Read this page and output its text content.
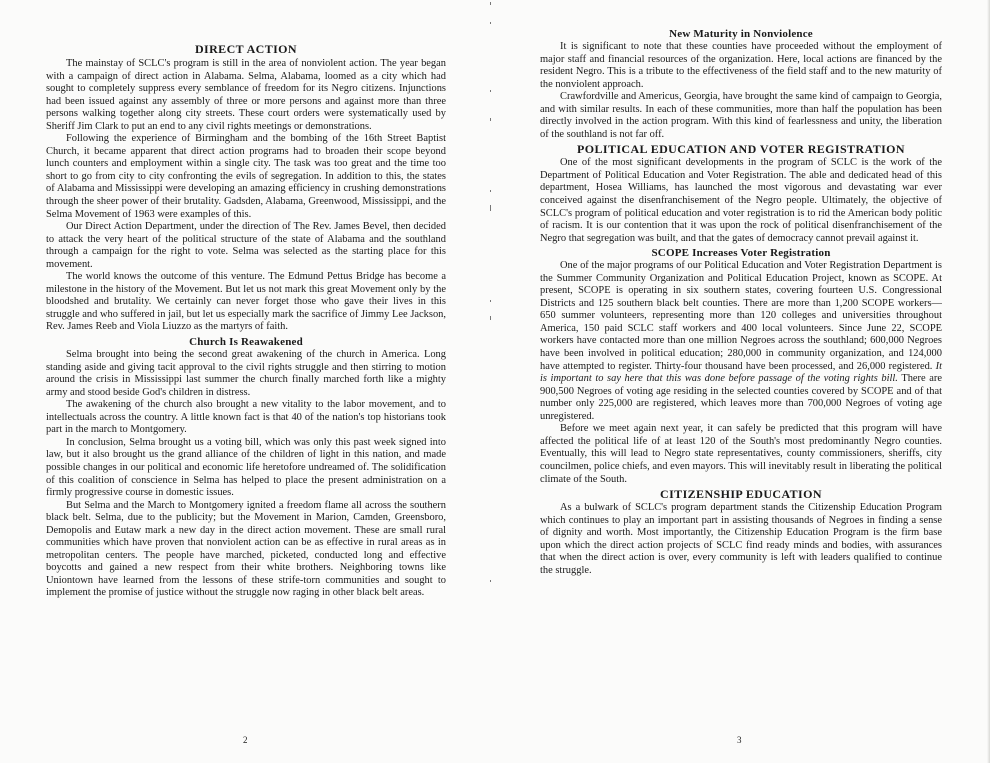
DIRECT ACTION

The mainstay of SCLC's program is still in the area of nonviolent action. The year began with a campaign of direct action in Alabama. Selma, Alabama, loomed as a city which had sought to completely suppress every semblance of freedom for its Negro citizens. Injunctions had been issued against any assembly of three or more persons and against more than three persons walking together along city streets. These court orders were systematically used by Sheriff Jim Clark to put an end to any civil rights meetings or demonstrations.

Following the experience of Birmingham and the bombing of the 16th Street Baptist Church, it became apparent that direct action programs had to broaden their scope beyond lunch counters and employment within a single city. The task was too great and the time too short to go from city to city confronting the evils of segregation. In addition to this, the states of Alabama and Mississippi were developing an amazing efficiency in crushing demonstrations through the sheer power of their brutality. Gadsden, Alabama, Greenwood, Mississippi, and the Selma Movement of 1963 were examples of this.

Our Direct Action Department, under the direction of The Rev. James Bevel, then decided to attack the very heart of the political structure of the state of Alabama and the southland through a campaign for the right to vote. Selma was selected as the starting place for this movement.

The world knows the outcome of this venture. The Edmund Pettus Bridge has become a milestone in the history of the Movement. But let us not mark this great Movement only by the bloodshed and brutality. We certainly can never forget those who gave their lives in this struggle and who suffered in jail, but let us especially mark the sacrifice of Jimmy Lee Jackson, Rev. James Reeb and Viola Liuzzo as the martyrs of faith.

Church Is Reawakened

Selma brought into being the second great awakening of the church in America. Long standing aside and giving tacit approval to the civil rights struggle and then stirring to motion around the crisis in Mississippi last summer the church finally marched forth like a mighty army and stood beside God's children in distress.

The awakening of the church also brought a new vitality to the labor movement, and to intellectuals across the country. A little known fact is that 40 of the nation's top historians took part in the march to Montgomery.

In conclusion, Selma brought us a voting bill, which was only this past week signed into law, but it also brought us the grand alliance of the children of light in this nation, and made possible changes in our political and economic life heretofore undreamed of. The solidification of this coalition of conscience in Selma has helped to place the present administration on a firmly progressive course in domestic issues.

But Selma and the March to Montgomery ignited a freedom flame all across the southern black belt. Selma, due to the publicity; but the Movement in Marion, Camden, Greensboro, Demopolis and Eutaw mark a new day in the direct action movement. These are small rural communities which have proven that nonviolent action can be as effective in rural areas as in metropolitan centers. The people have marched, picketed, conducted long and effective boycotts and gained a new respect from their white brothers. Neighboring towns like Uniontown have learned from the lessons of these strife-torn communities and sought to implement the promise of justice without the struggle now raging in other black belt areas.

2
New Maturity in Nonviolence

It is significant to note that these counties have proceeded without the employment of major staff and financial resources of the organization. Here, local actions are financed by the resident Negro. This is a tribute to the effectiveness of the field staff and to the new maturity of the nonviolent approach.

Crawfordville and Americus, Georgia, have brought the same kind of campaign to Georgia, and with similar results. In each of these communities, more than half the population has been directly involved in the action program. With this kind of fearlessness and unity, the liberation of the southland is not far off.

POLITICAL EDUCATION AND VOTER REGISTRATION

One of the most significant developments in the program of SCLC is the work of the Department of Political Education and Voter Registration. The able and dedicated head of this department, Hosea Williams, has launched the most vigorous and devastating war ever conceived against the disenfranchisement of the Negro people. Ultimately, the objective of SCLC's program of political education and voter registration is to rid the American body politic of racism. It is our contention that it was upon the rock of political disenfranchisement of the Negro that segregation was built, and that the gates of democracy cannot prevail against it.

SCOPE Increases Voter Registration

One of the major programs of our Political Education and Voter Registration Department is the Summer Community Organization and Political Education Project, known as SCOPE. At present, SCOPE is operating in six southern states, covering fourteen U.S. Congressional Districts and 125 southern black belt counties. There are more than 1,200 SCOPE workers—650 summer volunteers, representing more than 120 colleges and universities throughout America, 150 paid SCLC staff workers and 400 local volunteers. Since June 22, SCOPE workers have contacted more than one million Negroes across the southland; 600,000 Negroes have been involved in political education; 280,000 in community organization, and 124,000 have attempted to register. Thirty-four thousand have been processed, and 26,000 registered. It is important to say here that this was done before passage of the voting rights bill. There are 900,500 Negroes of voting age residing in the selected counties covered by SCOPE and of that number only 225,000 are registered, which leaves more than 700,000 Negroes of voting age unregistered.

Before we meet again next year, it can safely be predicted that this program will have affected the political life of at least 120 of the South's most predominantly Negro counties. Eventually, this will lead to Negro state representatives, county commissioners, sheriffs, city councilmen, police chiefs, and even mayors. This will inevitably result in liberating the political climate of the South.

CITIZENSHIP EDUCATION

As a bulwark of SCLC's program department stands the Citizenship Education Program which continues to play an important part in assisting thousands of Negroes in finding a sense of dignity and worth. Most importantly, the Citizenship Education Program is the firm base upon which the direct action projects of SCLC find ready minds and bodies, with assurances that when the direct action is over, every community is left with leaders qualified to continue the struggle.

3
